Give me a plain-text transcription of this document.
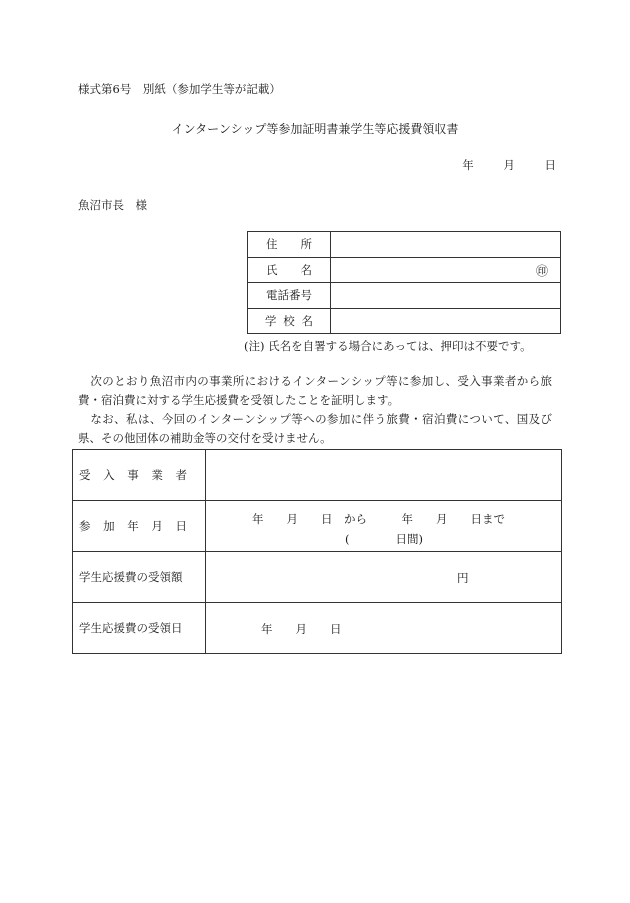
様式第6号　別紙（参加学生等が記載）
インターンシップ等参加証明書兼学生等応援費領収書
年 月 日
魚沼市長　様
住所	
氏名	㊞

電話番号	
学校名	
(注) 氏名を自署する場合にあっては、押印は不要です。
次のとおり魚沼市内の事業所におけるインターンシップ等に参加し、受入事業者から旅費・宿泊費に対する学生応援費を受領したことを証明します。
なお、私は、今回のインターンシップ等への参加に伴う旅費・宿泊費について、国及び県、その他団体の補助金等の交付を受けません。
受入事業者	
参加年月日	年　　月　　日　から　　　年　　月　　日まで
(　　　　日間)

学生応援費の受領額	円

学生応援費の受領日	年　　月　　日
